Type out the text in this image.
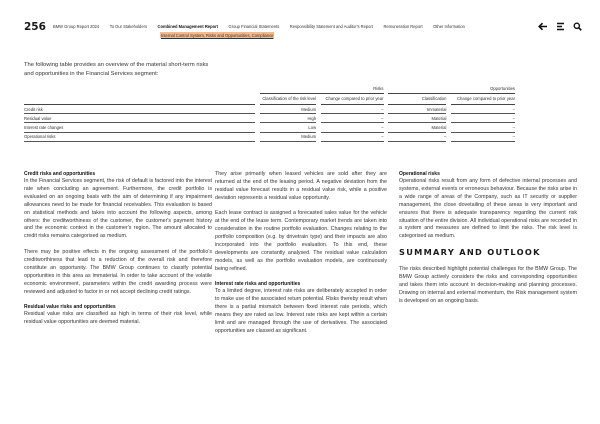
256 BMW Group Report 2024	To Our Stakeholders	Combined Management Report	Group Financial Statements	Responsibility Statement and Auditor's Report	Remuneration Report	Other Information
Internal Control System, Risks and Opportunities, Compliance
The following table provides an overview of the material short-term risks and opportunities in the Financial Services segment:
		Risks				Opportunities		
		Classification of the risk level		Change compared to prior year		Classification		Change compared to prior year
Credit risk		Medium		–		Immaterial		–
Residual value		High		–		Material		–
Interest rate changes		Low		–		Material		–
Operational risks		Medium		–		–		–
Credit risks and opportunities

In the Financial Services segment, the risk of default is factored into the interest rate when concluding an agreement. Furthermore, the credit portfolio is evaluated on an ongoing basis with the aim of determining if any impairment allowances need to be made for financial receivables. This evaluation is based on statistical methods and takes into account the following aspects, among others: the creditworthiness of the customer, the customer's payment history and the economic context in the customer's region. The amount allocated to credit risks remains categorised as medium.

There may be positive effects in the ongoing assessment of the portfolio's creditworthiness that lead to a reduction of the overall risk and therefore constitute an opportunity. The BMW Group continues to classify potential opportunities in this area as immaterial. In order to take account of the volatile economic environment, parameters within the credit awarding process were reviewed and adjusted to factor in or not accept declining credit ratings.

Residual value risks and opportunities

Residual value risks are classified as high in terms of their risk level, while residual value opportunities are deemed material.

They arise primarily when leased vehicles are sold after they are returned at the end of the leasing period. A negative deviation from the residual value forecast results in a residual value risk, while a positive deviation represents a residual value opportunity.

Each lease contract is assigned a forecasted sales value for the vehicle at the end of the lease term. Contemporary market trends are taken into consideration in the routine portfolio evaluation. Changes relating to the portfolio composition (e.g. by drivetrain type) and their impacts are also incorporated into the portfolio evaluation. To this end, these developments are constantly analysed. The residual value calculation models, as well as the portfolio evaluation models, are continuously being refined.

Interest rate risks and opportunities

To a limited degree, interest rate risks are deliberately accepted in order to make use of the associated return potential. Risks thereby result when there is a partial mismatch between fixed interest rate periods, which means they are rated as low. Interest rate risks are kept within a certain limit and are managed through the use of derivatives. The associated opportunities are classed as significant.

Operational risks

Operational risks result from any form of defective internal processes and systems, external events or erroneous behaviour. Because the risks arise in a wide range of areas of the Company, such as IT security or supplier management, the close dovetailing of these areas is very important and ensures that there is adequate transparency regarding the current risk situation of the entire division. All individual operational risks are recorded in a system and measures are defined to limit the risks. The risk level is categorised as medium.

SUMMARY AND OUTLOOK

The risks described highlight potential challenges for the BMW Group. The BMW Group actively considers the risks and corresponding opportunities and takes them into account in decision-making and planning processes. Drawing on internal and external momentum, the Risk management system is developed on an ongoing basis.
